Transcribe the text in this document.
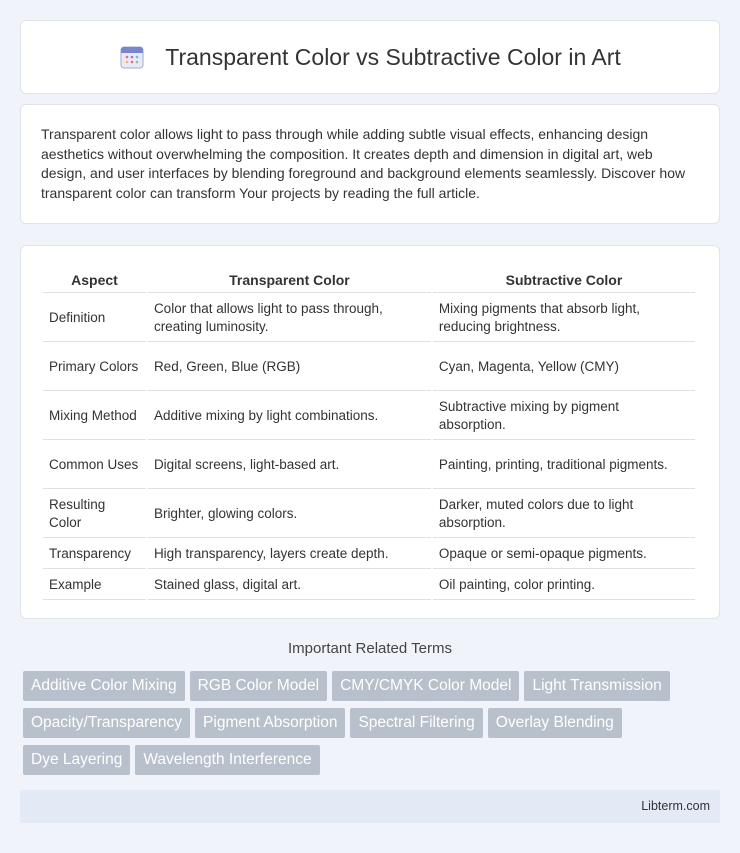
Transparent Color vs Subtractive Color in Art

Transparent color allows light to pass through while adding subtle visual effects, enhancing design aesthetics without overwhelming the composition. It creates depth and dimension in digital art, web design, and user interfaces by blending foreground and background elements seamlessly. Discover how transparent color can transform Your projects by reading the full article.

Aspect	Transparent Color	Subtractive Color
Definition	Color that allows light to pass through, creating luminosity.	Mixing pigments that absorb light, reducing brightness.
Primary Colors	Red, Green, Blue (RGB)	Cyan, Magenta, Yellow (CMY)
Mixing Method	Additive mixing by light combinations.	Subtractive mixing by pigment absorption.
Common Uses	Digital screens, light-based art.	Painting, printing, traditional pigments.
Resulting Color	Brighter, glowing colors.	Darker, muted colors due to light absorption.
Transparency	High transparency, layers create depth.	Opaque or semi-opaque pigments.
Example	Stained glass, digital art.	Oil painting, color printing.
Important Related Terms
Additive Color Mixing	RGB Color Model	CMY/CMYK Color Model	Light Transmission
Opacity/Transparency	Pigment Absorption	Spectral Filtering	Overlay Blending
Dye Layering	Wavelength Interference
Libterm.com
